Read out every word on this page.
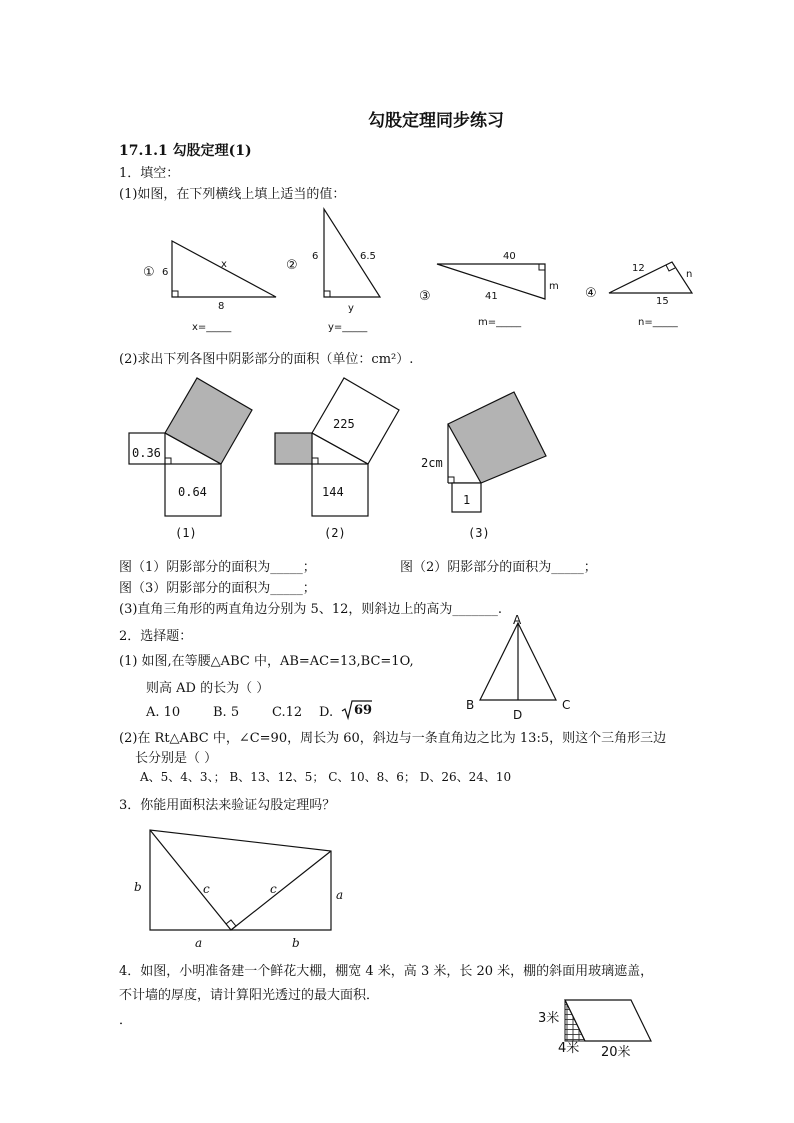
勾股定理同步练习
17.1.1 勾股定理(1)
1．填空：
(1)如图，在下列横线上填上适当的值：
① 6
x
8
x=_____
②
6	6.5
y
y=_____
③
40
m
41
m=_____
④
12
n
15
n=_____
(2)求出下列各图中阴影部分的面积（单位：cm²）.
0.36
0.64
(1)
225
144
(2)
2cm
1
(3)
图（1）阴影部分的面积为_____；	图（2）阴影部分的面积为_____；
图（3）阴影部分的面积为_____；
(3)直角三角形的两直角边分别为 5、12，则斜边上的高为_______.
2．选择题：
(1) 如图,在等腰△ABC 中，AB=AC=13,BC=1O,
则高 AD 的长为（ ）
A. 10	B. 5	C.12 D. 69
A
B	C
D
(2)在 Rt△ABC 中，∠C=90，周长为 60，斜边与一条直角边之比为 13:5，则这个三角形三边
长分别是（ ）
A、5、4、3、； B、13、12、5； C、10、8、6； D、26、24、10
3．你能用面积法来验证勾股定理吗？
b	c	c	a
a	b
4．如图，小明准备建一个鲜花大棚，棚宽 4 米，高 3 米，长 20 米，棚的斜面用玻璃遮盖，
不计墙的厚度，请计算阳光透过的最大面积．
．	3米
4米 20米
